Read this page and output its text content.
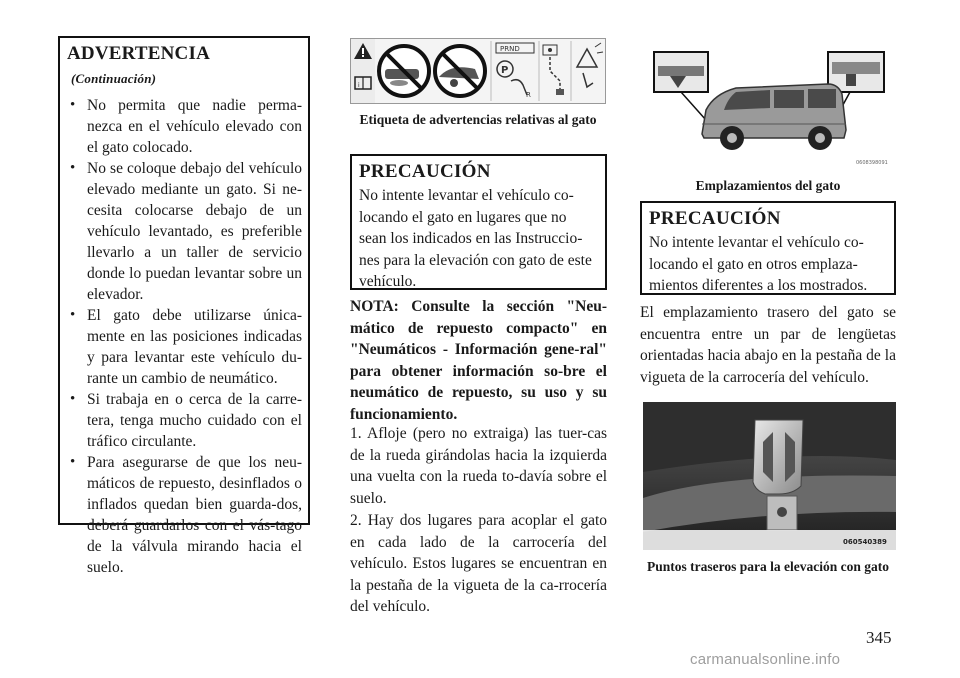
ADVERTENCIA (Continuación)
• No permita que nadie perma-nezca en el vehículo elevado con el gato colocado.
• No se coloque debajo del vehículo elevado mediante un gato. Si ne-cesita colocarse debajo de un vehículo levantado, es preferible llevarlo a un taller de servicio donde lo puedan levantar sobre un elevador.
• El gato debe utilizarse única-mente en las posiciones indicadas y para levantar este vehículo du-rante un cambio de neumático.
• Si trabaja en o cerca de la carre-tera, tenga mucho cuidado con el tráfico circulante.
• Para asegurarse de que los neu-máticos de repuesto, desinflados o inflados quedan bien guarda-dos, deberá guardarlos con el vás-tago de la válvula mirando hacia el suelo.
i
PRND
P
R
Etiqueta de advertencias relativas al gato
PRECAUCIÓN

No intente levantar el vehículo co-locando el gato en lugares que no sean los indicados en las Instruccio-nes para la elevación con gato de este vehículo.

NOTA: Consulte la sección "Neu-mático de repuesto compacto" en "Neumáticos - Información gene-ral" para obtener información so-bre el neumático de repuesto, su uso y su funcionamiento.

1. Afloje (pero no extraiga) las tuer-cas de la rueda girándolas hacia la izquierda una vuelta con la rueda to-davía sobre el suelo.

2. Hay dos lugares para acoplar el gato en cada lado de la carrocería del vehículo. Estos lugares se encuentran en la pestaña de la vigueta de la ca-rrocería del vehículo.

0608398091
Emplazamientos del gato
PRECAUCIÓN

No intente levantar el vehículo co-locando el gato en otros emplaza-mientos diferentes a los mostrados.

El emplazamiento trasero del gato se encuentra entre un par de lengüetas orientadas hacia abajo en la pestaña de la vigueta de la carrocería del vehículo.

060540389
Puntos traseros para la elevación con gato
345
carmanualsonline.info
